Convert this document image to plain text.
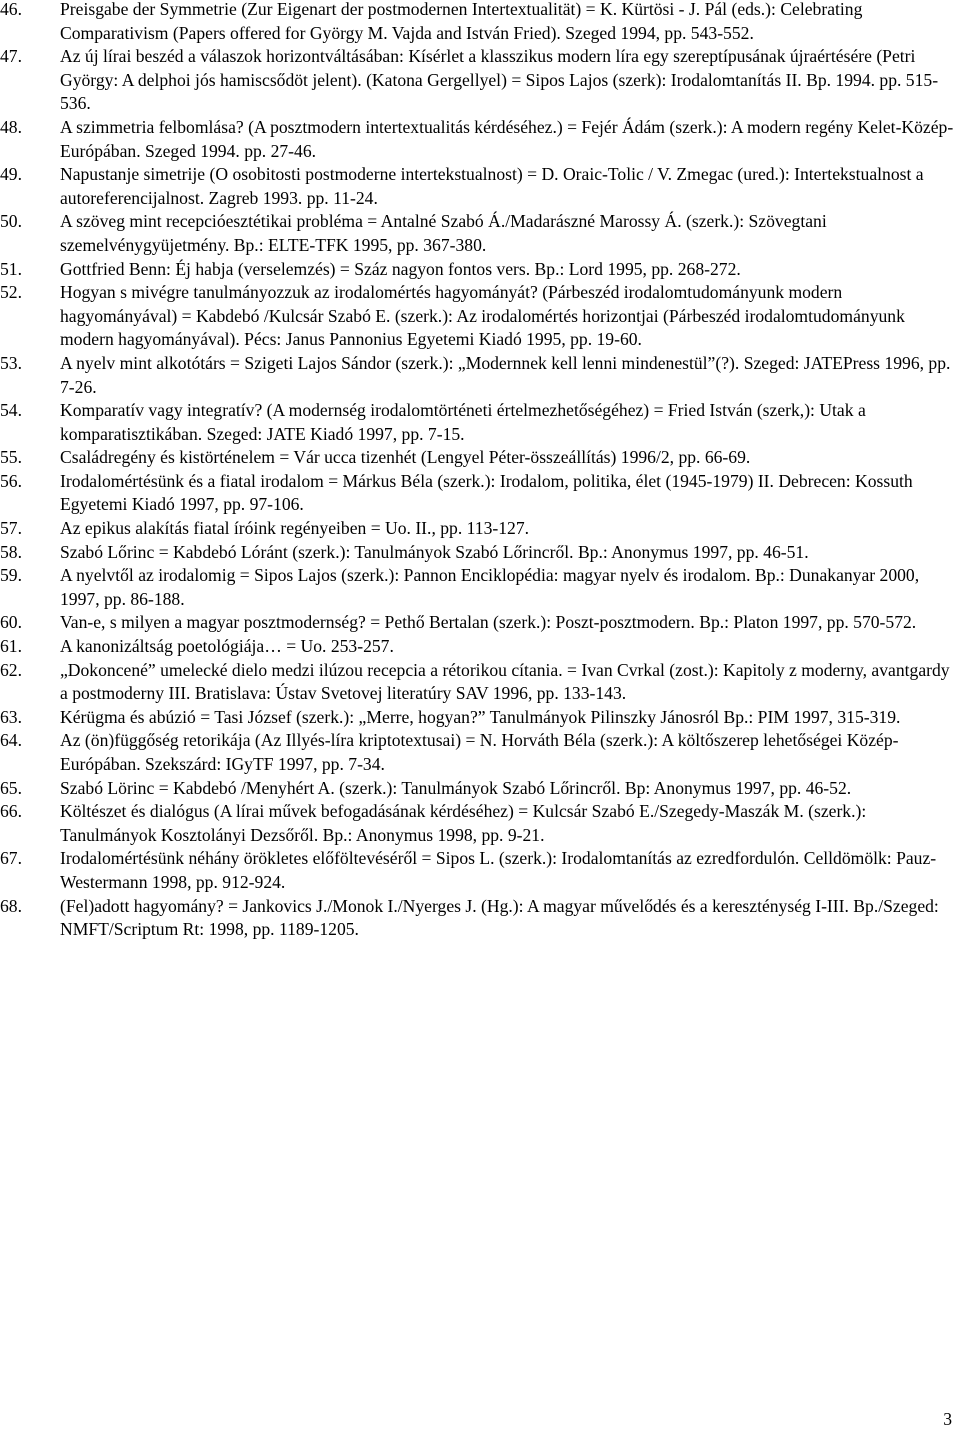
46.	Preisgabe der Symmetrie (Zur Eigenart der postmodernen Intertextualität) = K. Kürtösi - J. Pál (eds.): Celebrating Comparativism (Papers offered for György M. Vajda and István Fried). Szeged 1994, pp. 543-552.
47.	Az új lírai beszéd a válaszok horizontváltásában: Kísérlet a klasszikus modern líra egy szereptípusának újraértésére (Petri György: A delphoi jós hamiscsődöt jelent). (Katona Gergellyel) = Sipos Lajos (szerk): Irodalomtanítás II. Bp. 1994. pp. 515-536.
48.	A szimmetria felbomlása? (A posztmodern intertextualitás kérdéséhez.) = Fejér Ádám (szerk.): A modern regény Kelet-Közép-Európában. Szeged 1994. pp. 27-46.
49.	Napustanje simetrije (O osobitosti postmoderne intertekstualnost) = D. Oraic-Tolic / V. Zmegac (ured.): Intertekstualnost a autoreferencijalnost. Zagreb 1993. pp. 11-24.
50.	A szöveg mint recepcióesztétikai probléma = Antalné Szabó Á./Madarászné Marossy Á. (szerk.): Szövegtani szemelvénygyüjetmény. Bp.: ELTE-TFK 1995, pp. 367-380.
51.	Gottfried Benn: Éj habja (verselemzés) = Száz nagyon fontos vers. Bp.: Lord 1995, pp. 268-272.
52.	Hogyan s mivégre tanulmányozzuk az irodalomértés hagyományát? (Párbeszéd irodalomtudományunk modern hagyományával) = Kabdebó /Kulcsár Szabó E. (szerk.): Az irodalomértés horizontjai (Párbeszéd irodalomtudományunk modern hagyományával). Pécs: Janus Pannonius Egyetemi Kiadó 1995, pp. 19-60.
53.	A nyelv mint alkotótárs = Szigeti Lajos Sándor (szerk.): „Modernnek kell lenni mindenestül”(?). Szeged: JATEPress 1996, pp. 7-26.
54.	Komparatív vagy integratív? (A modernség irodalomtörténeti értelmezhetőségéhez) = Fried István (szerk,): Utak a komparatisztikában. Szeged: JATE Kiadó 1997, pp. 7-15.
55.	Családregény és kistörténelem = Vár ucca tizenhét (Lengyel Péter-összeállítás) 1996/2, pp. 66-69.
56.	Irodalomértésünk és a fiatal irodalom = Márkus Béla (szerk.): Irodalom, politika, élet (1945-1979) II. Debrecen: Kossuth Egyetemi Kiadó 1997, pp. 97-106.
57.	Az epikus alakítás fiatal íróink regényeiben = Uo. II., pp. 113-127.
58.	Szabó Lőrinc = Kabdebó Lóránt (szerk.): Tanulmányok Szabó Lőrincről. Bp.: Anonymus 1997, pp. 46-51.
59.	A nyelvtől az irodalomig = Sipos Lajos (szerk.): Pannon Enciklopédia: magyar nyelv és irodalom. Bp.: Dunakanyar 2000, 1997, pp. 86-188.
60.	Van-e, s milyen a magyar posztmodernség? = Pethő Bertalan (szerk.): Poszt-posztmodern. Bp.: Platon 1997, pp. 570-572.
61.	A kanonizáltság poetológiája… = Uo. 253-257.
62.	„Dokoncené” umelecké dielo medzi ilúzou recepcia a rétorikou cítania. = Ivan Cvrkal (zost.): Kapitoly z moderny, avantgardy a postmoderny III. Bratislava: Ústav Svetovej literatúry SAV 1996, pp. 133-143.
63.	Kérügma és abúzió = Tasi József (szerk.): „Merre, hogyan?” Tanulmányok Pilinszky Jánosról Bp.: PIM 1997, 315-319.
64.	Az (ön)függőség retorikája (Az Illyés-líra kriptotextusai) = N. Horváth Béla (szerk.): A költőszerep lehetőségei Közép-Európában. Szekszárd: IGyTF 1997, pp. 7-34.
65.	Szabó Lörinc = Kabdebó /Menyhért A. (szerk.): Tanulmányok Szabó Lőrincről. Bp: Anonymus 1997, pp. 46-52.
66.	Költészet és dialógus (A lírai művek befogadásának kérdéséhez) = Kulcsár Szabó E./Szegedy-Maszák M. (szerk.): Tanulmányok Kosztolányi Dezsőről. Bp.: Anonymus 1998, pp. 9-21.
67.	Irodalomértésünk néhány örökletes előföltevéséről = Sipos L. (szerk.): Irodalomtanítás az ezredfordulón. Celldömölk: Pauz-Westermann 1998, pp. 912-924.
68.	(Fel)adott hagyomány? = Jankovics J./Monok I./Nyerges J. (Hg.): A magyar művelődés és a kereszténység I-III. Bp./Szeged: NMFT/Scriptum Rt: 1998, pp. 1189-1205.
3
